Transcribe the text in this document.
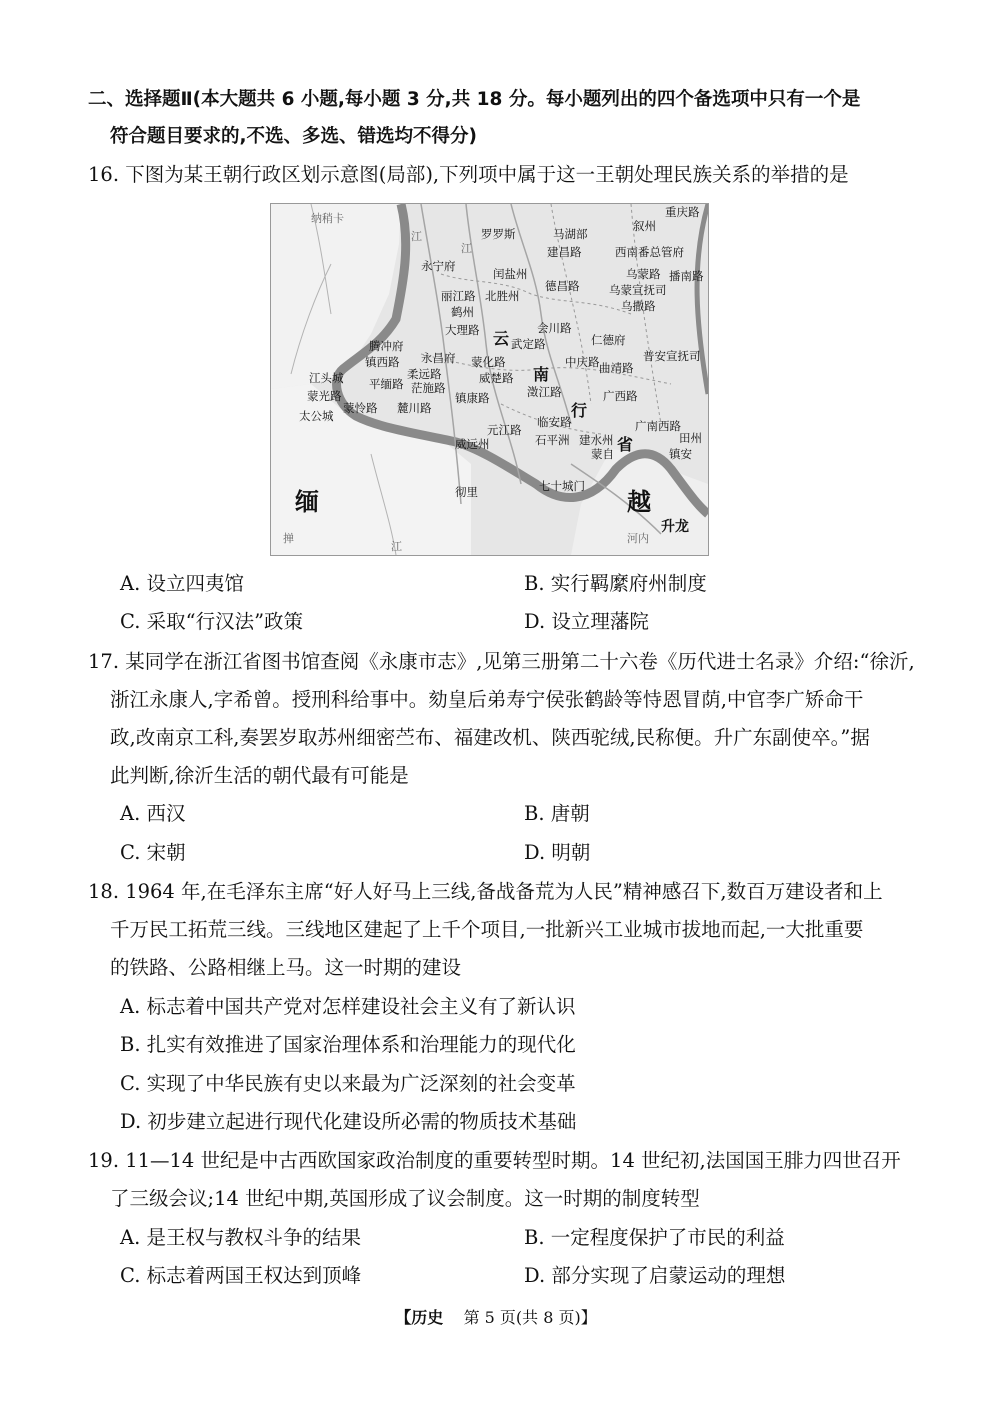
二、选择题Ⅱ(本大题共 6 小题,每小题 3 分,共 18 分。每小题列出的四个备选项中只有一个是
符合题目要求的,不选、多选、错选均不得分)
16. 下图为某王朝行政区划示意图(局部),下列项中属于这一王朝处理民族关系的举措的是
缅	越
云
南
行
省
升龙
马湖部
叙州
重庆路
建昌路	西南番总管府
罗罗斯
乌蒙路 播南路
闰盐州
北胜州
德昌路	乌蒙宣抚司
丽江路
永宁府
乌撒路
鹤州
会川路
大理路
武定路	仁德府
普安宣抚司
腾冲府
永昌府 蒙化路	中庆路 曲靖路
镇西路
柔远路	威楚路
江头城 平缅路 茫施路	澂江路	广西路
蒙光路
蒙怜路 麓川路
镇康路
临安路	广南西路
太公城
元江路
石平洲 建水州
蒙自
田州
威远州
镇安
彻里	七十城门
河内
江
江
江
纳稍卡
掸
A. 设立四夷馆	B. 实行羁縻府州制度
C. 采取“行汉法”政策	D. 设立理藩院
17. 某同学在浙江省图书馆查阅《永康市志》,见第三册第二十六卷《历代进士名录》介绍:“徐沂,
浙江永康人,字希曾。授刑科给事中。劾皇后弟寿宁侯张鹤龄等恃恩冒荫,中官李广矫命干
政,改南京工科,奏罢岁取苏州细密苎布、福建改机、陕西驼绒,民称便。升广东副使卒。”据
此判断,徐沂生活的朝代最有可能是
A. 西汉	B. 唐朝
C. 宋朝	D. 明朝
18. 1964 年,在毛泽东主席“好人好马上三线,备战备荒为人民”精神感召下,数百万建设者和上
千万民工拓荒三线。三线地区建起了上千个项目,一批新兴工业城市拔地而起,一大批重要
的铁路、公路相继上马。这一时期的建设
A. 标志着中国共产党对怎样建设社会主义有了新认识
B. 扎实有效推进了国家治理体系和治理能力的现代化
C. 实现了中华民族有史以来最为广泛深刻的社会变革
D. 初步建立起进行现代化建设所必需的物质技术基础
19. 11—14 世纪是中古西欧国家政治制度的重要转型时期。14 世纪初,法国国王腓力四世召开
了三级会议;14 世纪中期,英国形成了议会制度。这一时期的制度转型
A. 是王权与教权斗争的结果	B. 一定程度保护了市民的利益
C. 标志着两国王权达到顶峰	D. 部分实现了启蒙运动的理想
【历史 第 5 页(共 8 页)】
